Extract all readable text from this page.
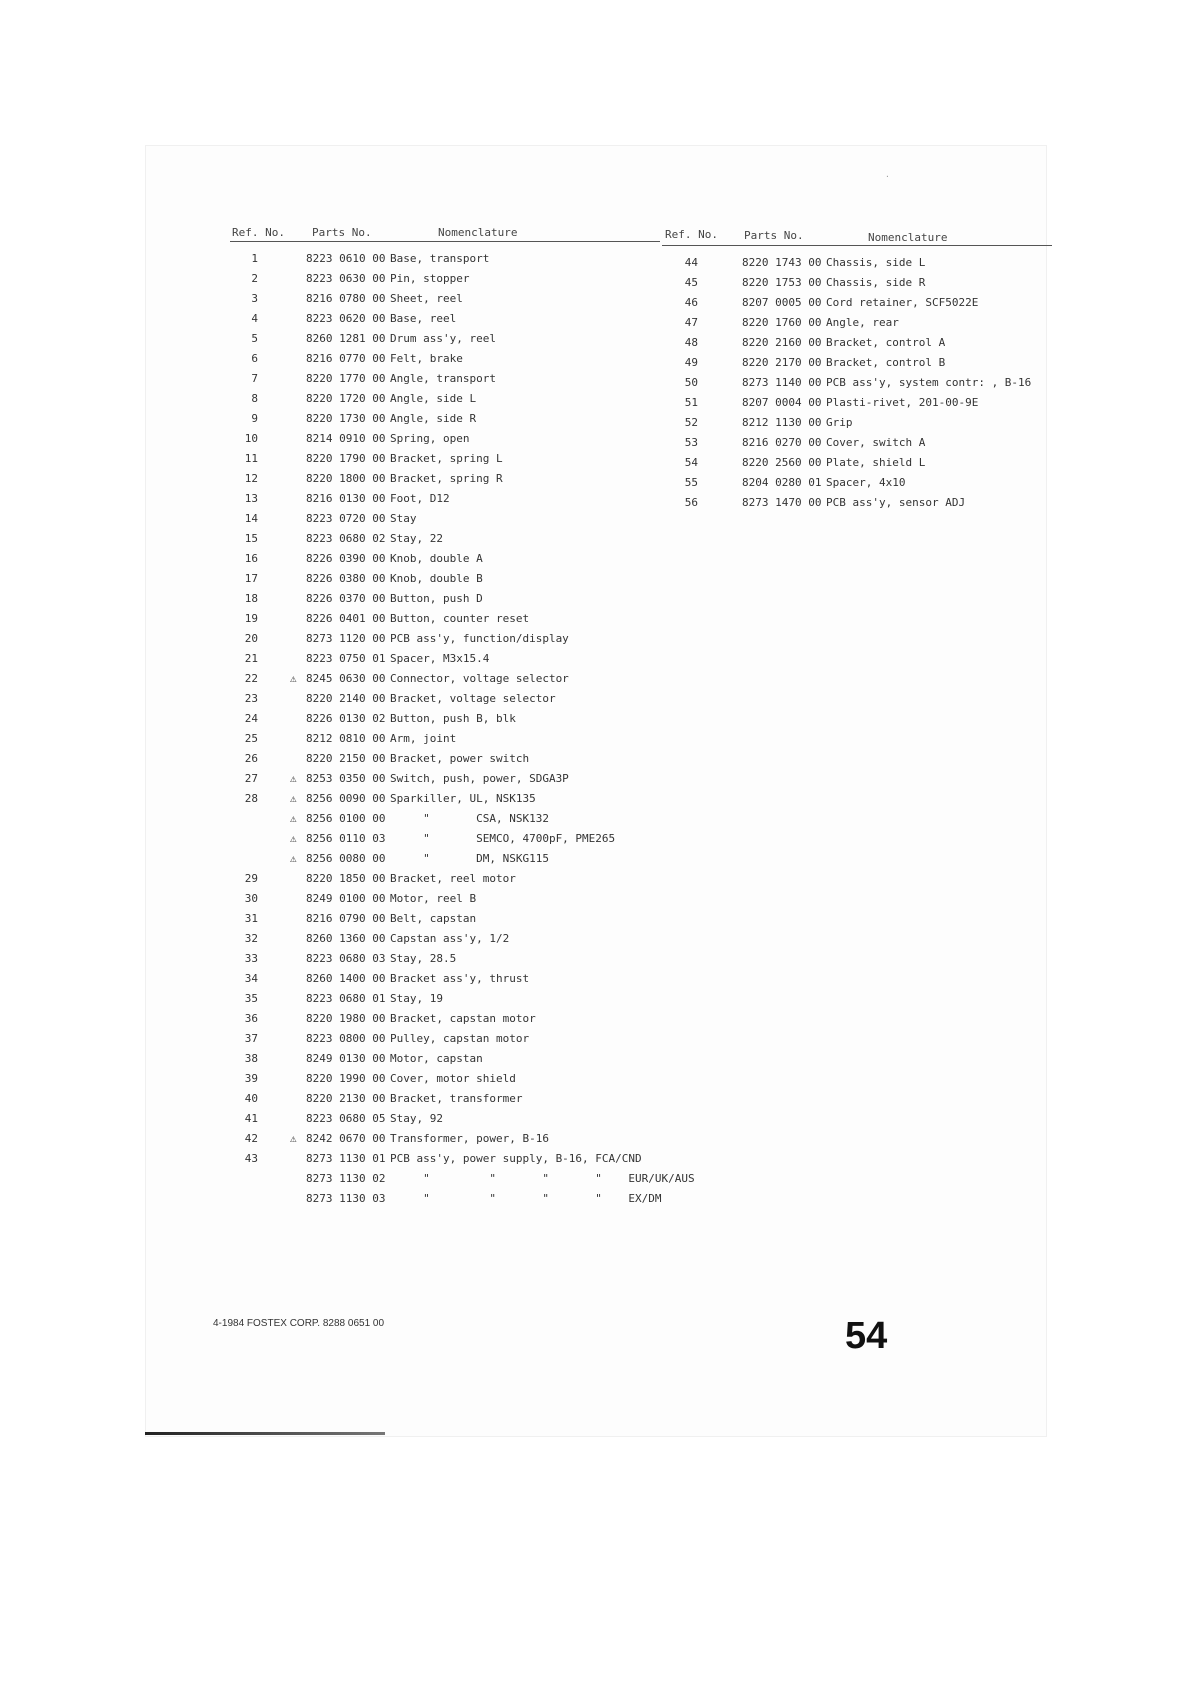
·
Ref. No. Parts No.	Nomenclature	Ref. No. Parts No.	Nomenclature
1	8223 0610 00 Base, transport
2	8223 0630 00 Pin, stopper
3	8216 0780 00 Sheet, reel
4	8223 0620 00 Base, reel
5	8260 1281 00 Drum ass'y, reel
6	8216 0770 00 Felt, brake
7	8220 1770 00 Angle, transport
8	8220 1720 00 Angle, side L
9	8220 1730 00 Angle, side R
10	8214 0910 00 Spring, open
11	8220 1790 00 Bracket, spring L
12	8220 1800 00 Bracket, spring R
13	8216 0130 00 Foot, D12
14	8223 0720 00 Stay
15	8223 0680 02 Stay, 22
16	8226 0390 00 Knob, double A
17	8226 0380 00 Knob, double B
18	8226 0370 00 Button, push D
19	8226 0401 00 Button, counter reset
20	8273 1120 00 PCB ass'y, function/display
21	8223 0750 01 Spacer, M3x15.4
22	⚠ 8245 0630 00 Connector, voltage selector
23	8220 2140 00 Bracket, voltage selector
24	8226 0130 02 Button, push B, blk
25	8212 0810 00 Arm, joint
26	8220 2150 00 Bracket, power switch
27	⚠ 8253 0350 00 Switch, push, power, SDGA3P
28	⚠ 8256 0090 00 Sparkiller, UL, NSK135
⚠ 8256 0100 00 "       CSA, NSK132
⚠ 8256 0110 03 "       SEMCO, 4700pF, PME265
⚠ 8256 0080 00 "       DM, NSKG115
29	8220 1850 00 Bracket, reel motor
30	8249 0100 00 Motor, reel B
31	8216 0790 00 Belt, capstan
32	8260 1360 00 Capstan ass'y, 1/2
33	8223 0680 03 Stay, 28.5
34	8260 1400 00 Bracket ass'y, thrust
35	8223 0680 01 Stay, 19
36	8220 1980 00 Bracket, capstan motor
37	8223 0800 00 Pulley, capstan motor
38	8249 0130 00 Motor, capstan
39	8220 1990 00 Cover, motor shield
40	8220 2130 00 Bracket, transformer
41	8223 0680 05 Stay, 92
42	⚠ 8242 0670 00 Transformer, power, B-16
43	8273 1130 01 PCB ass'y, power supply, B-16, FCA/CND
8273 1130 02 "         "       "       "    EUR/UK/AUS
8273 1130 03 "         "       "       "    EX/DM
44	8220 1743 00 Chassis, side L
45	8220 1753 00 Chassis, side R
46	8207 0005 00 Cord retainer, SCF5022E
47	8220 1760 00 Angle, rear
48	8220 2160 00 Bracket, control A
49	8220 2170 00 Bracket, control B
50	8273 1140 00 PCB ass'y, system contr: , B-16
51	8207 0004 00 Plasti-rivet, 201-00-9E
52	8212 1130 00 Grip
53	8216 0270 00 Cover, switch A
54	8220 2560 00 Plate, shield L
55	8204 0280 01 Spacer, 4x10
56	8273 1470 00 PCB ass'y, sensor ADJ
4-1984 FOSTEX CORP. 8288 0651 00	54
